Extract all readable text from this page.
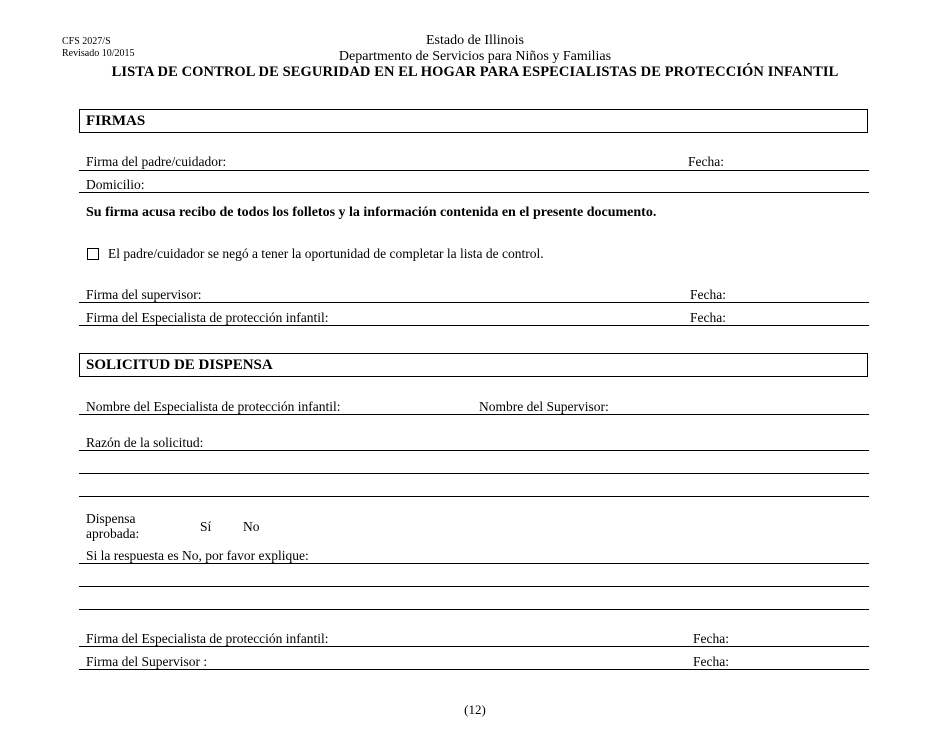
CFS 2027/S
Revisado 10/2015
Estado de Illinois
Departmento de Servicios para Niños y Familias
LISTA DE CONTROL DE SEGURIDAD EN EL HOGAR PARA ESPECIALISTAS DE PROTECCIÓN INFANTIL
FIRMAS
Firma del padre/cuidador:	Fecha:
Domicilio:
Su firma acusa recibo de todos los folletos y la información contenida en el presente documento.
El padre/cuidador se negó a tener la oportunidad de completar la lista de control.
Firma del supervisor:	Fecha:
Firma del Especialista de protección infantil:	Fecha:
SOLICITUD DE DISPENSA
Nombre del Especialista de protección infantil:	Nombre del Supervisor:
Razón de la solicitud:
Dispensa
aprobada:	Sí No
Si la respuesta es No, por favor explique:
Firma del Especialista de protección infantil:	Fecha:
Firma del Supervisor :	Fecha:
(12)
